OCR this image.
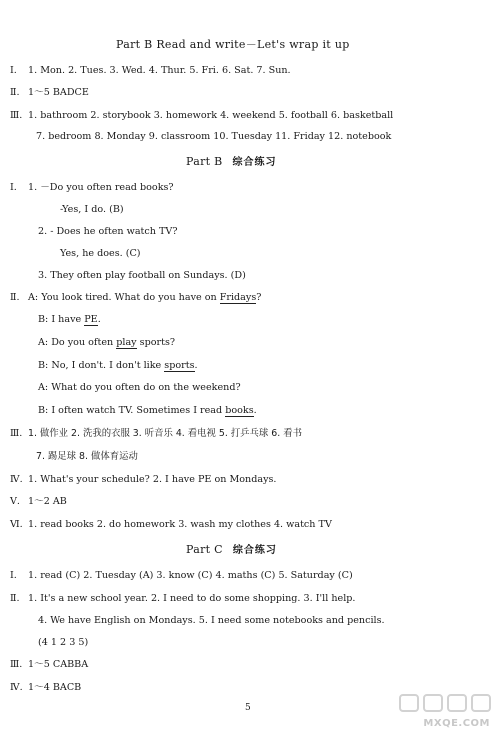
Part B Read and write－Let's wrap it up
Ⅰ. 1. Mon. 2. Tues. 3. Wed. 4. Thur. 5. Fri. 6. Sat. 7. Sun.
Ⅱ. 1～5 BADCE
Ⅲ. 1. bathroom 2. storybook 3. homework 4. weekend 5. football 6. basketball
7. bedroom 8. Monday 9. classroom 10. Tuesday 11. Friday 12. notebook
Part B 综合练习
Ⅰ. 1. －Do you often read books?
-Yes, I do. (B)
2. - Does he often watch TV?
Yes, he does. (C)
3. They often play football on Sundays. (D)
Ⅱ. A: You look tired. What do you have on Fridays?
B: I have PE.
A: Do you often play sports?
B: No, I don't. I don't like sports.
A: What do you often do on the weekend?
B: I often watch TV. Sometimes I read books.
Ⅲ. 1. 做作业 2. 洗我的衣服 3. 听音乐 4. 看电视 5. 打乒乓球 6. 看书
7. 踢足球 8. 做体育运动
Ⅳ. 1. What's your schedule? 2. I have PE on Mondays.
Ⅴ. 1～2 AB
Ⅵ. 1. read books 2. do homework 3. wash my clothes 4. watch TV
Part C 综合练习
Ⅰ. 1. read (C) 2. Tuesday (A) 3. know (C) 4. maths (C) 5. Saturday (C)
Ⅱ. 1. It's a new school year. 2. I need to do some shopping. 3. I'll help.
4. We have English on Mondays. 5. I need some notebooks and pencils.
(4 1 2 3 5)
Ⅲ. 1～5 CABBA
Ⅳ. 1～4 BACB
5
MXQE.COM
